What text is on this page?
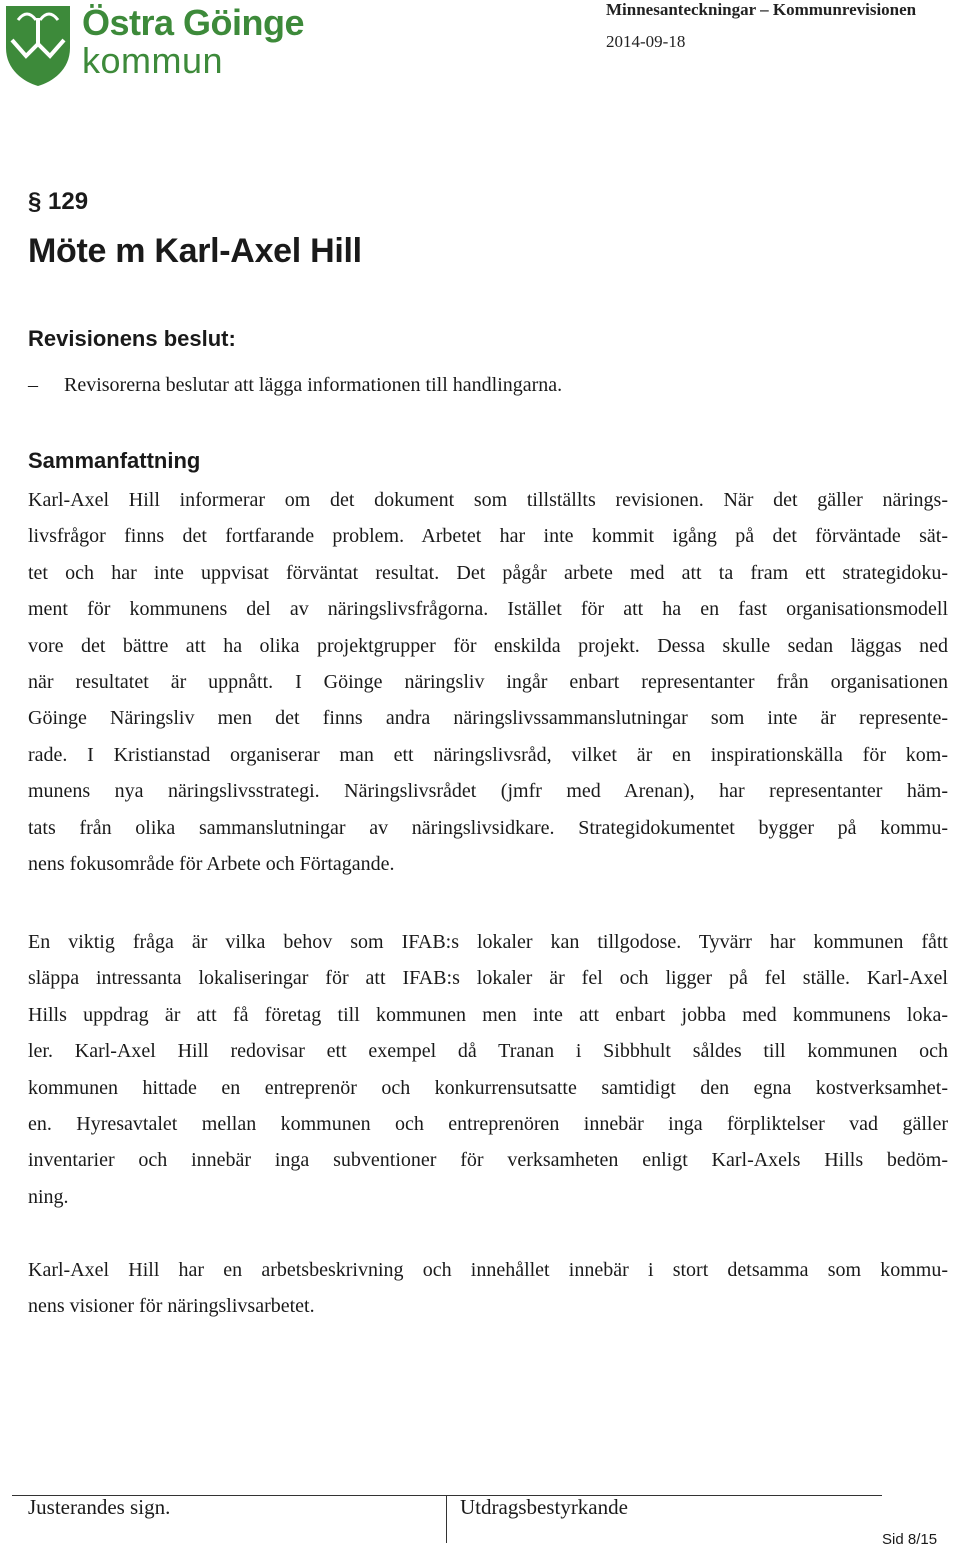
Östra Göinge
kommun
Minnesanteckningar – Kommunrevisionen
2014-09-18
§ 129
Möte m Karl-Axel Hill
Revisionens beslut:
– Revisorerna beslutar att lägga informationen till handlingarna.
Sammanfattning
Karl-Axel Hill informerar om det dokument som tillställts revisionen. När det gäller närings-
livsfrågor finns det fortfarande problem. Arbetet har inte kommit igång på det förväntade sät-
tet och har inte uppvisat förväntat resultat. Det pågår arbete med att ta fram ett strategidoku-
ment för kommunens del av näringslivsfrågorna. Istället för att ha en fast organisationsmodell
vore det bättre att ha olika projektgrupper för enskilda projekt. Dessa skulle sedan läggas ned
när resultatet är uppnått. I Göinge näringsliv ingår enbart representanter från organisationen
Göinge Näringsliv men det finns andra näringslivssammanslutningar som inte är represente-
rade. I Kristianstad organiserar man ett näringslivsråd, vilket är en inspirationskälla för kom-
munens nya näringslivsstrategi. Näringslivsrådet (jmfr med Arenan), har representanter häm-
tats från olika sammanslutningar av näringslivsidkare. Strategidokumentet bygger på kommu-
nens fokusområde för Arbete och Förtagande.
En viktig fråga är vilka behov som IFAB:s lokaler kan tillgodose. Tyvärr har kommunen fått
släppa intressanta lokaliseringar för att IFAB:s lokaler är fel och ligger på fel ställe. Karl-Axel
Hills uppdrag är att få företag till kommunen men inte att enbart jobba med kommunens loka-
ler. Karl-Axel Hill redovisar ett exempel då Tranan i Sibbhult såldes till kommunen och
kommunen hittade en entreprenör och konkurrensutsatte samtidigt den egna kostverksamhet-
en. Hyresavtalet mellan kommunen och entreprenören innebär inga förpliktelser vad gäller
inventarier och innebär inga subventioner för verksamheten enligt Karl-Axels Hills bedöm-
ning.
Karl-Axel Hill har en arbetsbeskrivning och innehållet innebär i stort detsamma som kommu-
nens visioner för näringslivsarbetet.
Justerandes sign.	Utdragsbestyrkande
Sid 8/15
